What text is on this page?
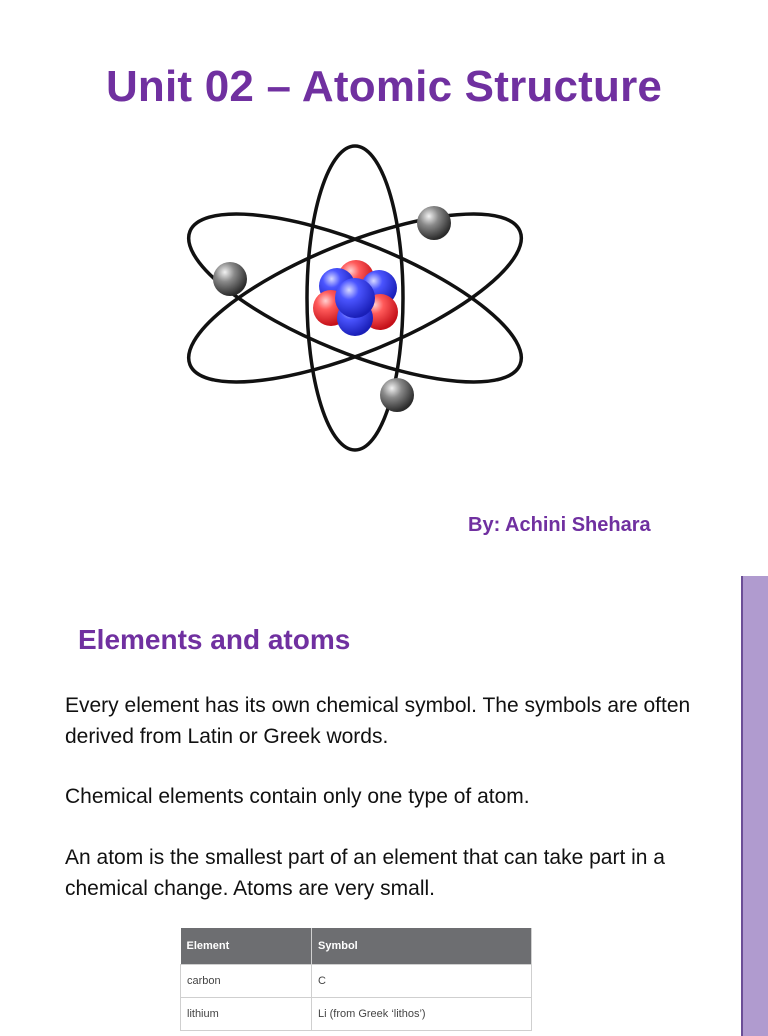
Unit 02 – Atomic Structure
By: Achini Shehara
Elements and atoms

Every element has its own chemical symbol. The symbols are often derived from Latin or Greek words.

Chemical elements contain only one type of atom.

An atom is the smallest part of an element that can take part in a chemical change. Atoms are very small.

Element	Symbol
carbon	C
lithium	Li (from Greek ‘lithos’)
